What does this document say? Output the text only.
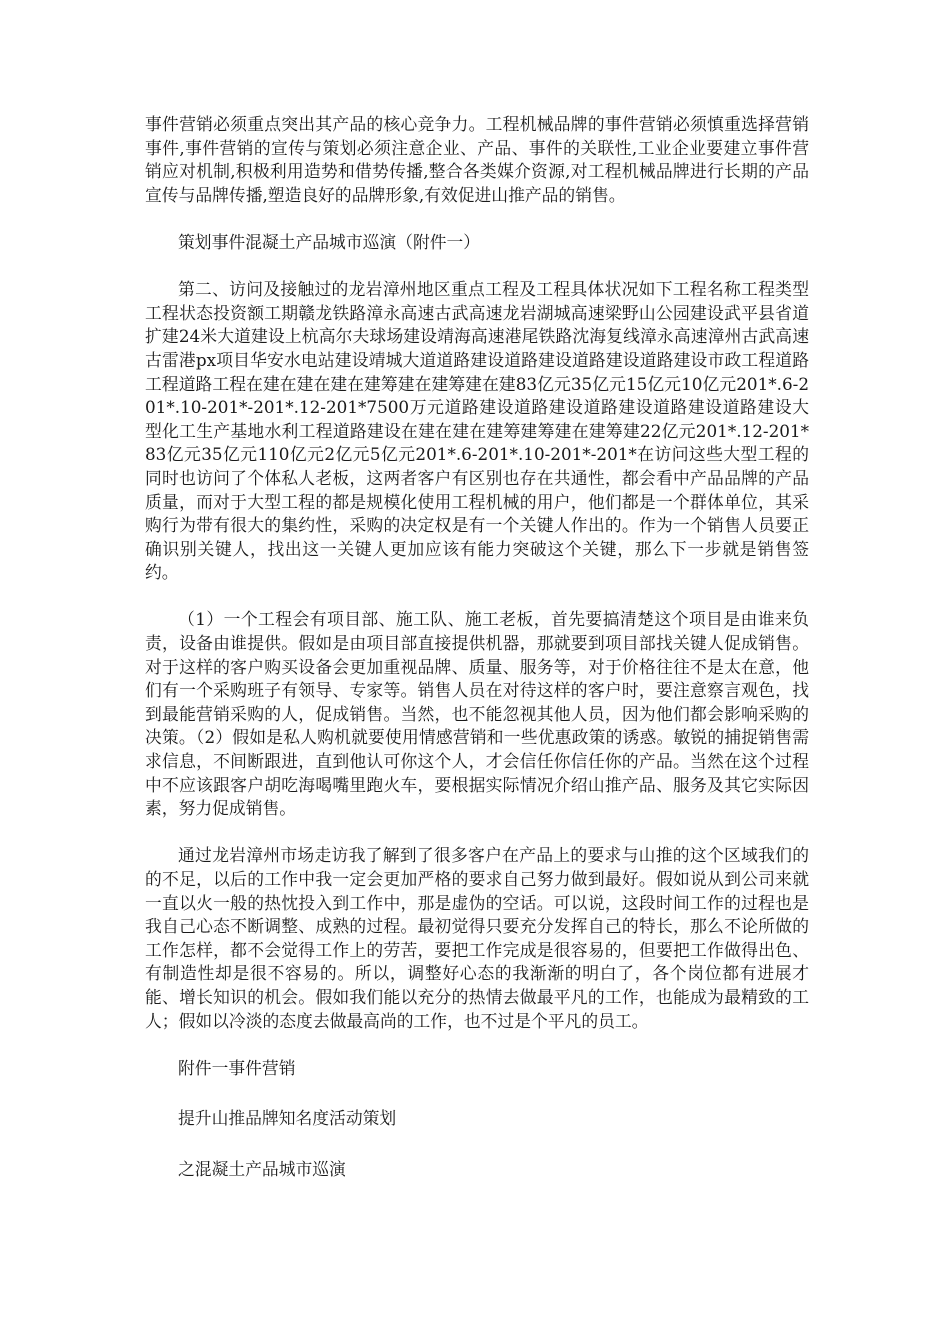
事件营销必须重点突出其产品的核心竞争力。工程机械品牌的事件营销必须慎重选择营销事件,事件营销的宣传与策划必须注意企业、产品、事件的关联性,工业企业要建立事件营销应对机制,积极利用造势和借势传播,整合各类媒介资源,对工程机械品牌进行长期的产品宣传与品牌传播,塑造良好的品牌形象,有效促进山推产品的销售。

策划事件混凝土产品城市巡演（附件一）

第二、访问及接触过的龙岩漳州地区重点工程及工程具体状况如下工程名称工程类型工程状态投资额工期赣龙铁路漳永高速古武高速龙岩湖城高速梁野山公园建设武平县省道扩建24米大道建设上杭高尔夫球场建设靖海高速港尾铁路沈海复线漳永高速漳州古武高速古雷港px项目华安水电站建设靖城大道道路建设道路建设道路建设道路建设市政工程道路工程道路工程在建在建在建在建筹建在建筹建在建83亿元35亿元15亿元10亿元201*.6-201*.10-201*-201*.12-201*7500万元道路建设道路建设道路建设道路建设道路建设大型化工生产基地水利工程道路建设在建在建在建筹建筹建在建筹建22亿元201*.12-201*83亿元35亿元110亿元2亿元5亿元201*.6-201*.10-201*-201*在访问这些大型工程的同时也访问了个体私人老板，这两者客户有区别也存在共通性，都会看中产品品牌的产品质量，而对于大型工程的都是规模化使用工程机械的用户，他们都是一个群体单位，其采购行为带有很大的集约性，采购的决定权是有一个关键人作出的。作为一个销售人员要正确识别关键人，找出这一关键人更加应该有能力突破这个关键，那么下一步就是销售签约。

（1）一个工程会有项目部、施工队、施工老板，首先要搞清楚这个项目是由谁来负责，设备由谁提供。假如是由项目部直接提供机器，那就要到项目部找关键人促成销售。对于这样的客户购买设备会更加重视品牌、质量、服务等，对于价格往往不是太在意，他们有一个采购班子有领导、专家等。销售人员在对待这样的客户时，要注意察言观色，找到最能营销采购的人，促成销售。当然，也不能忽视其他人员，因为他们都会影响采购的决策。（2）假如是私人购机就要使用情感营销和一些优惠政策的诱惑。敏锐的捕捉销售需求信息，不间断跟进，直到他认可你这个人，才会信任你信任你的产品。当然在这个过程中不应该跟客户胡吃海喝嘴里跑火车，要根据实际情况介绍山推产品、服务及其它实际因素，努力促成销售。

通过龙岩漳州市场走访我了解到了很多客户在产品上的要求与山推的这个区域我们的的不足，以后的工作中我一定会更加严格的要求自己努力做到最好。假如说从到公司来就一直以火一般的热忱投入到工作中，那是虚伪的空话。可以说，这段时间工作的过程也是我自己心态不断调整、成熟的过程。最初觉得只要充分发挥自己的特长，那么不论所做的工作怎样，都不会觉得工作上的劳苦，要把工作完成是很容易的，但要把工作做得出色、有制造性却是很不容易的。所以，调整好心态的我渐渐的明白了，各个岗位都有进展才能、增长知识的机会。假如我们能以充分的热情去做最平凡的工作，也能成为最精致的工人；假如以冷淡的态度去做最高尚的工作，也不过是个平凡的员工。

附件一事件营销

提升山推品牌知名度活动策划

之混凝土产品城市巡演
